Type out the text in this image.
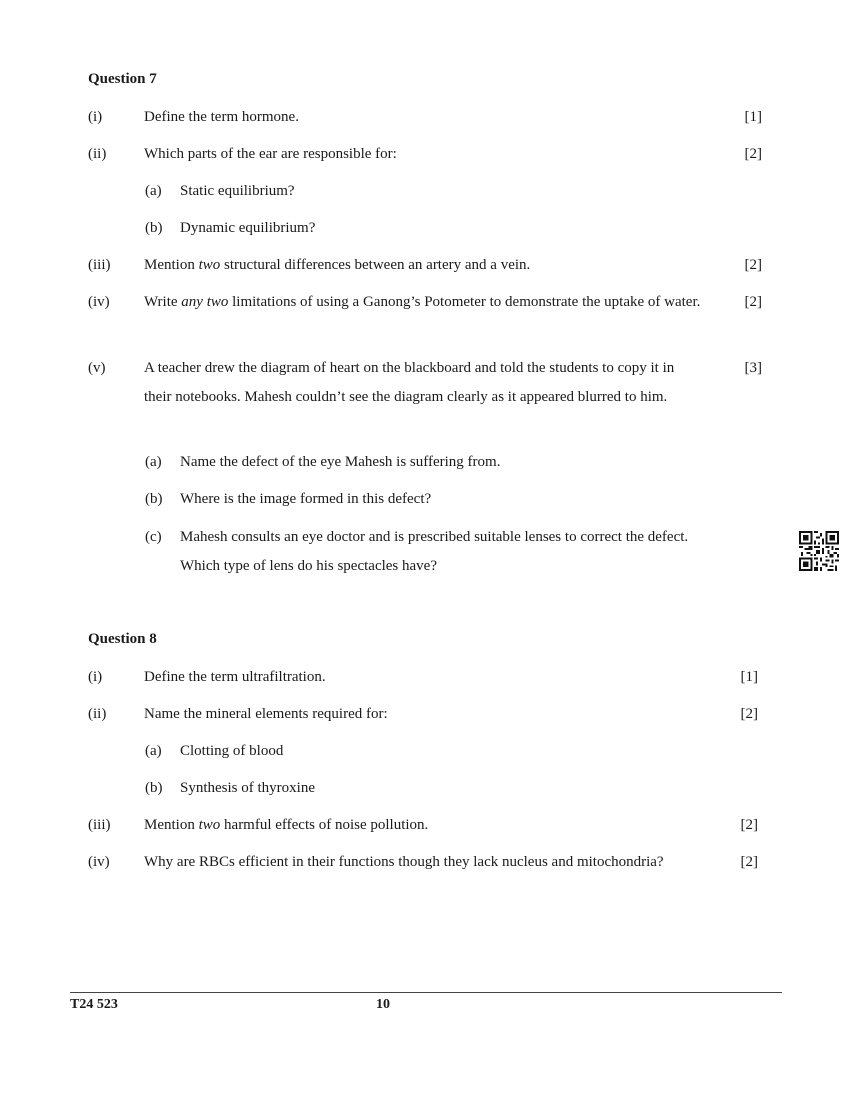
Question 7
(i)	Define the term hormone.	[1]
(ii)	Which parts of the ear are responsible for:	[2]
(a) Static equilibrium?
(b) Dynamic equilibrium?
(iii)	Mention two structural differences between an artery and a vein.	[2]
(iv)	Write any two limitations of using a Ganong’s Potometer to demonstrate the uptake of water.	[2]
(v)	A teacher drew the diagram of heart on the blackboard and told the students to copy it in their notebooks. Mahesh couldn’t see the diagram clearly as it appeared blurred to him.
[3]
(a) Name the defect of the eye Mahesh is suffering from.
(b) Where is the image formed in this defect?
(c) Mahesh consults an eye doctor and is prescribed suitable lenses to correct the defect. Which type of lens do his spectacles have?
Question 8
(i)	Define the term ultrafiltration.	[1]
(ii)	Name the mineral elements required for:	[2]
(a) Clotting of blood
(b) Synthesis of thyroxine
(iii)	Mention two harmful effects of noise pollution.	[2]
(iv)	Why are RBCs efficient in their functions though they lack nucleus and mitochondria?	[2]
T24 523	10
